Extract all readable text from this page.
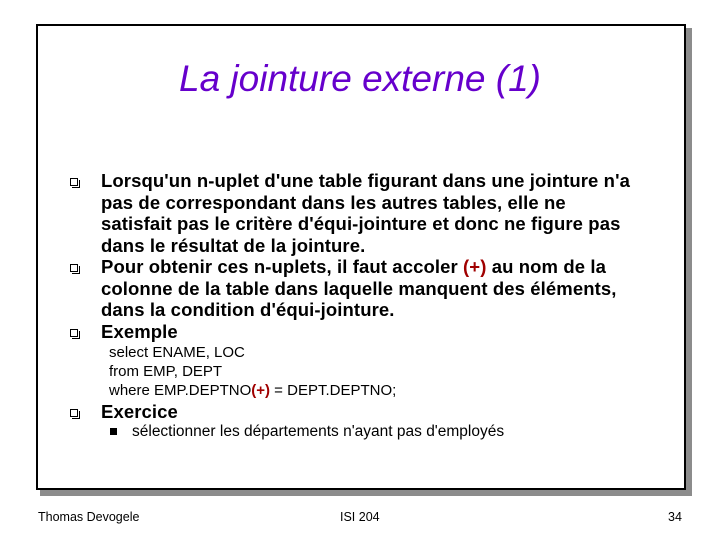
La jointure externe (1)
Lorsqu'un n-uplet d'une table figurant dans une jointure n'a
pas de correspondant dans les autres tables, elle ne
satisfait pas le critère d'équi-jointure et donc ne figure pas
dans le résultat de la jointure.
Pour obtenir ces n-uplets, il faut accoler (+) au nom de la
colonne de la table dans laquelle manquent des éléments,
dans la condition d'équi-jointure.
Exemple
select ENAME, LOC
from EMP, DEPT
where EMP.DEPTNO(+) = DEPT.DEPTNO;
Exercice
sélectionner les départements n'ayant pas d'employés
Thomas Devogele	ISI 204	34
